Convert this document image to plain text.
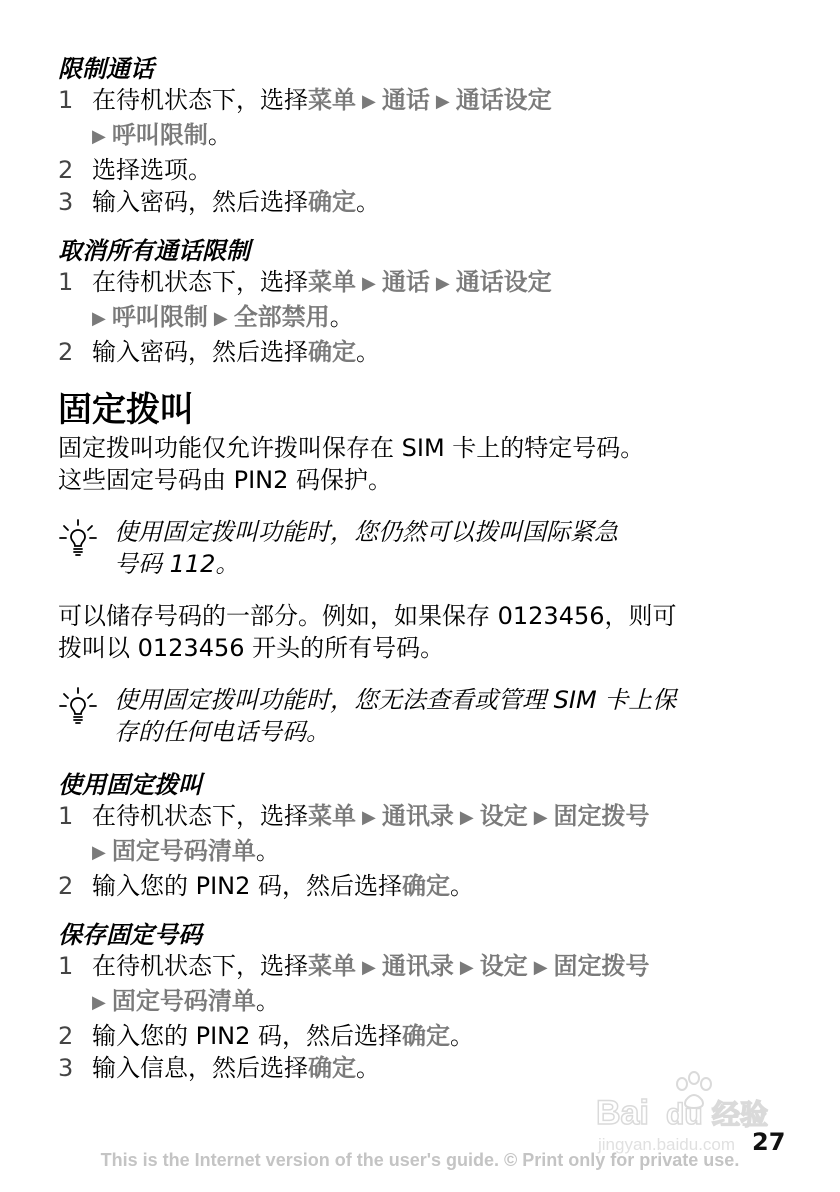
限制通话
1 在待机状态下，选择菜单 ▶ 通话 ▶ 通话设定
▶ 呼叫限制。
2 选择选项。
3 输入密码，然后选择确定。
取消所有通话限制
1 在待机状态下，选择菜单 ▶ 通话 ▶ 通话设定
▶ 呼叫限制 ▶ 全部禁用。
2 输入密码，然后选择确定。
固定拨叫

固定拨叫功能仅允许拨叫保存在 SIM 卡上的特定号码。
这些固定号码由 PIN2 码保护。

使用固定拨叫功能时，您仍然可以拨叫国际紧急
号码 112。

可以储存号码的一部分。例如，如果保存 0123456，则可
拨叫以 0123456 开头的所有号码。

使用固定拨叫功能时，您无法查看或管理 SIM 卡上保
存的任何电话号码。
使用固定拨叫
1 在待机状态下，选择菜单 ▶ 通讯录 ▶ 设定 ▶ 固定拨号
▶ 固定号码清单。
2 输入您的 PIN2 码，然后选择确定。
保存固定号码
1 在待机状态下，选择菜单 ▶ 通讯录 ▶ 设定 ▶ 固定拨号
▶ 固定号码清单。
2 输入您的 PIN2 码，然后选择确定。
3 输入信息，然后选择确定。
Bai du 经验
jingyan.baidu.com 27
This is the Internet version of the user's guide. © Print only for private use.
